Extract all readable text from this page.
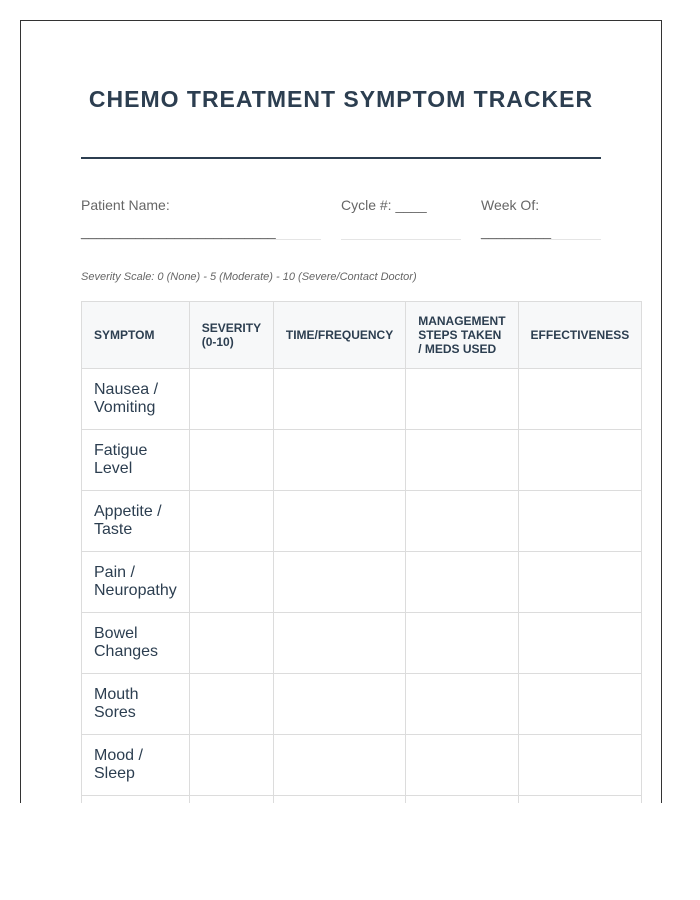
CHEMO TREATMENT SYMPTOM TRACKER
Patient Name:
_________________________
Cycle #: ____	Week Of:
_________
Severity Scale: 0 (None) - 5 (Moderate) - 10 (Severe/Contact Doctor)
SYMPTOM	SEVERITY (0-10)	TIME/FREQUENCY	MANAGEMENT STEPS TAKEN / MEDS USED	EFFECTIVENESS
Nausea / Vomiting				
Fatigue Level				
Appetite / Taste				
Pain / Neuropathy				
Bowel Changes				
Mouth Sores				
Mood / Sleep				
